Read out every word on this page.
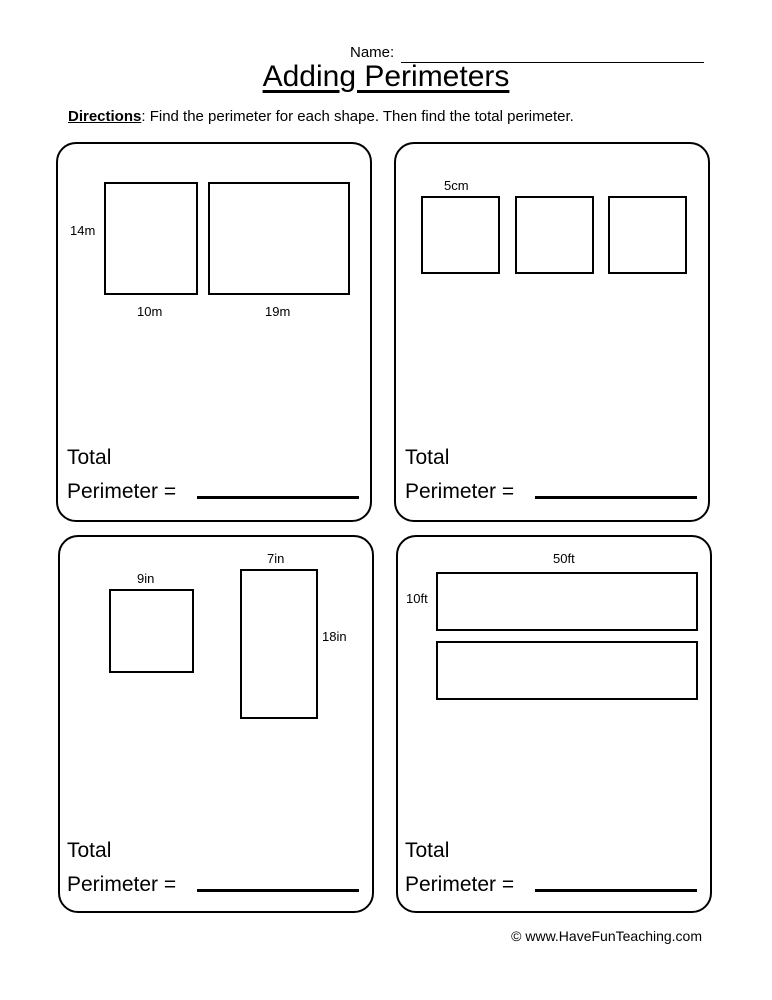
Name:
Adding Perimeters
Directions: Find the perimeter for each shape. Then find the total perimeter.
14m
10m	19m
Total
Perimeter =
5cm
Total
Perimeter =
9in
7in
18in
Total
Perimeter =
50ft
10ft
Total
Perimeter =
© www.HaveFunTeaching.com
